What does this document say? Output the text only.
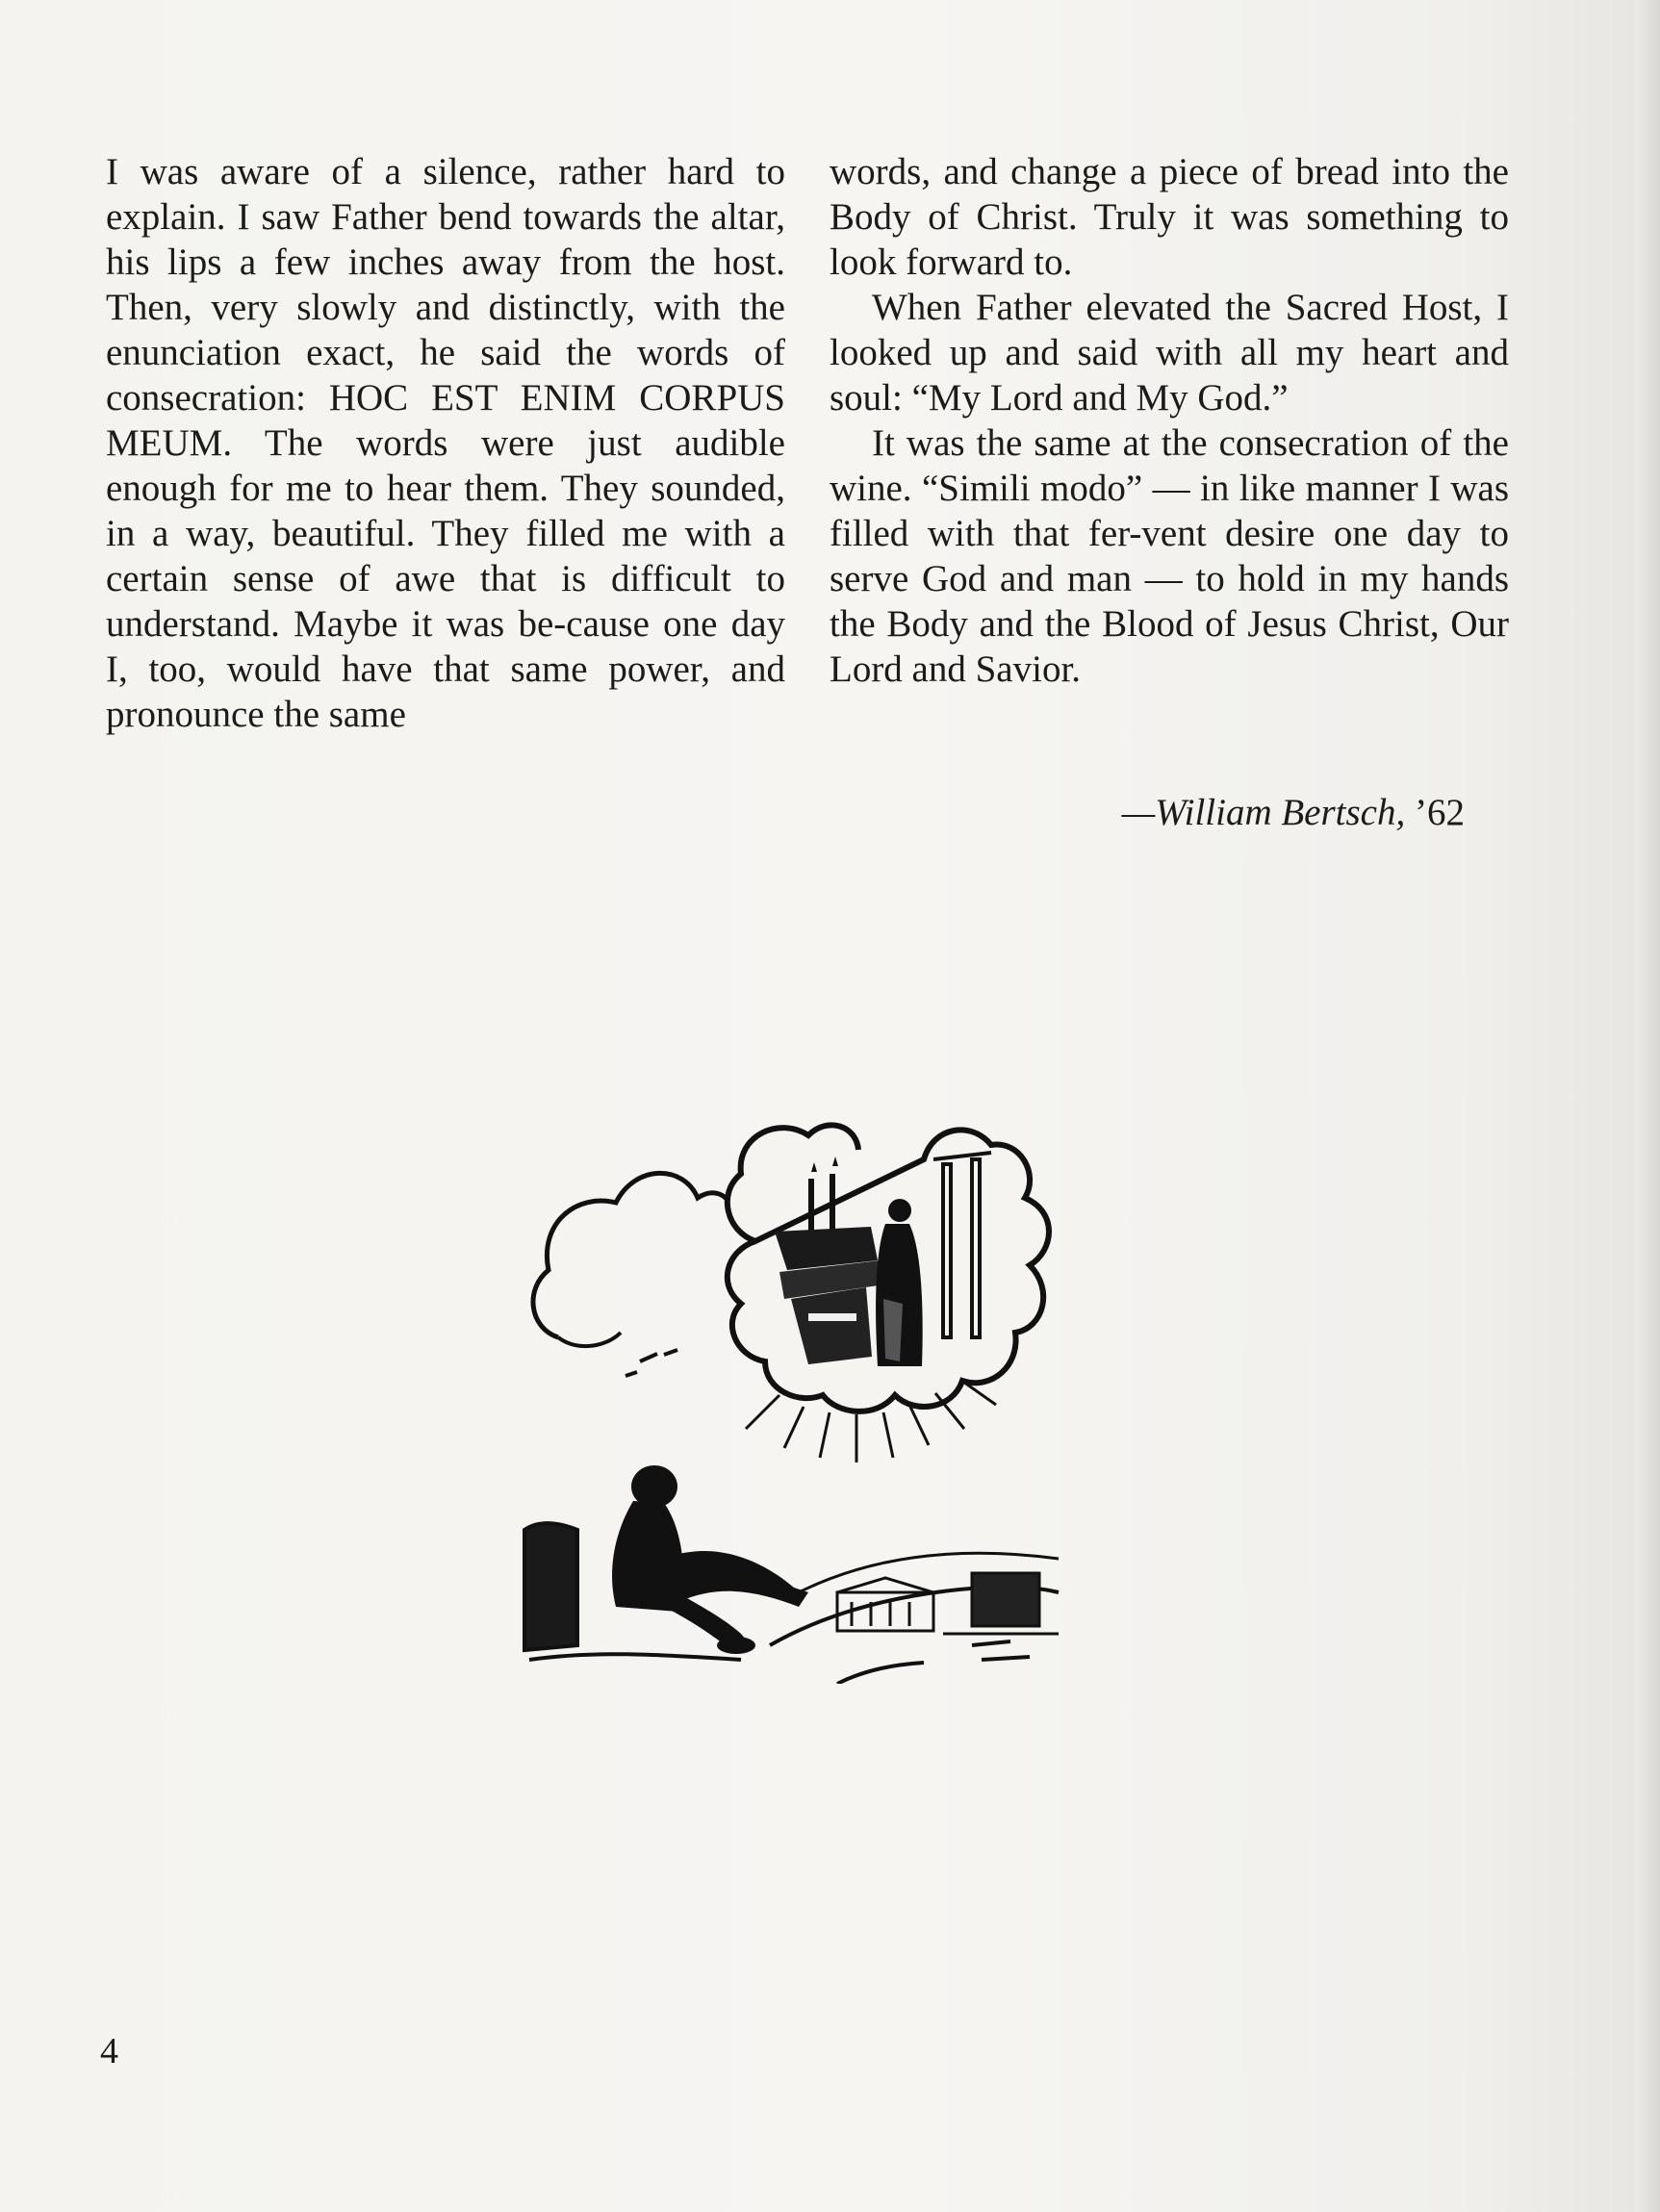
I was aware of a silence, rather hard to explain. I saw Father bend towards the altar, his lips a few inches away from the host. Then, very slowly and distinctly, with the enunciation exact, he said the words of consecration: HOC EST ENIM CORPUS MEUM. The words were just audible enough for me to hear them. They sounded, in a way, beautiful. They filled me with a certain sense of awe that is difficult to understand. Maybe it was be-cause one day I, too, would have that same power, and pronounce the same

words, and change a piece of bread into the Body of Christ. Truly it was something to look forward to.

When Father elevated the Sacred Host, I looked up and said with all my heart and soul: “My Lord and My God.”

It was the same at the consecration of the wine. “Simili modo” — in like manner I was filled with that fer-vent desire one day to serve God and man — to hold in my hands the Body and the Blood of Jesus Christ, Our Lord and Savior.

—William Bertsch, ’62
4
